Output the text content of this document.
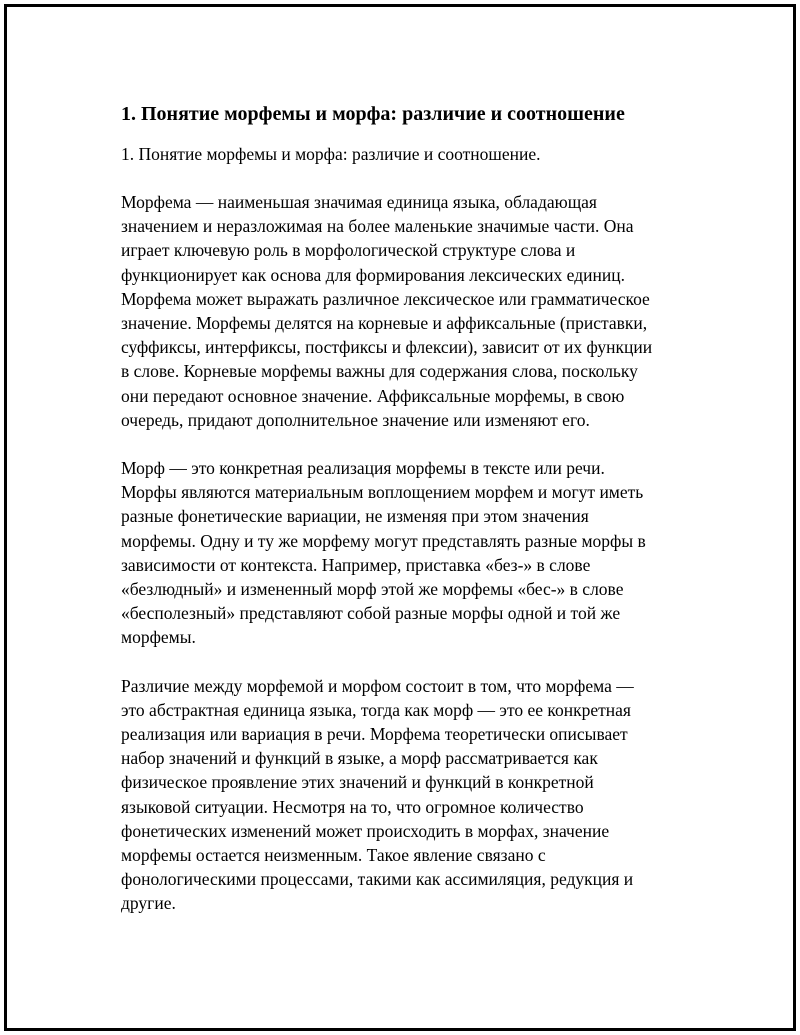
1. Понятие морфемы и морфа: различие и соотношение
1. Понятие морфемы и морфа: различие и соотношение.
Морфема — наименьшая значимая единица языка, обладающая
значением и неразложимая на более маленькие значимые части. Она
играет ключевую роль в морфологической структуре слова и
функционирует как основа для формирования лексических единиц.
Морфема может выражать различное лексическое или грамматическое
значение. Морфемы делятся на корневые и аффиксальные (приставки,
суффиксы, интерфиксы, постфиксы и флексии), зависит от их функции
в слове. Корневые морфемы важны для содержания слова, поскольку
они передают основное значение. Аффиксальные морфемы, в свою
очередь, придают дополнительное значение или изменяют его.
Морф — это конкретная реализация морфемы в тексте или речи.
Морфы являются материальным воплощением морфем и могут иметь
разные фонетические вариации, не изменяя при этом значения
морфемы. Одну и ту же морфему могут представлять разные морфы в
зависимости от контекста. Например, приставка «без-» в слове
«безлюдный» и измененный морф этой же морфемы «бес-» в слове
«бесполезный» представляют собой разные морфы одной и той же
морфемы.
Различие между морфемой и морфом состоит в том, что морфема —
это абстрактная единица языка, тогда как морф — это ее конкретная
реализация или вариация в речи. Морфема теоретически описывает
набор значений и функций в языке, а морф рассматривается как
физическое проявление этих значений и функций в конкретной
языковой ситуации. Несмотря на то, что огромное количество
фонетических изменений может происходить в морфах, значение
морфемы остается неизменным. Такое явление связано с
фонологическими процессами, такими как ассимиляция, редукция и
другие.
